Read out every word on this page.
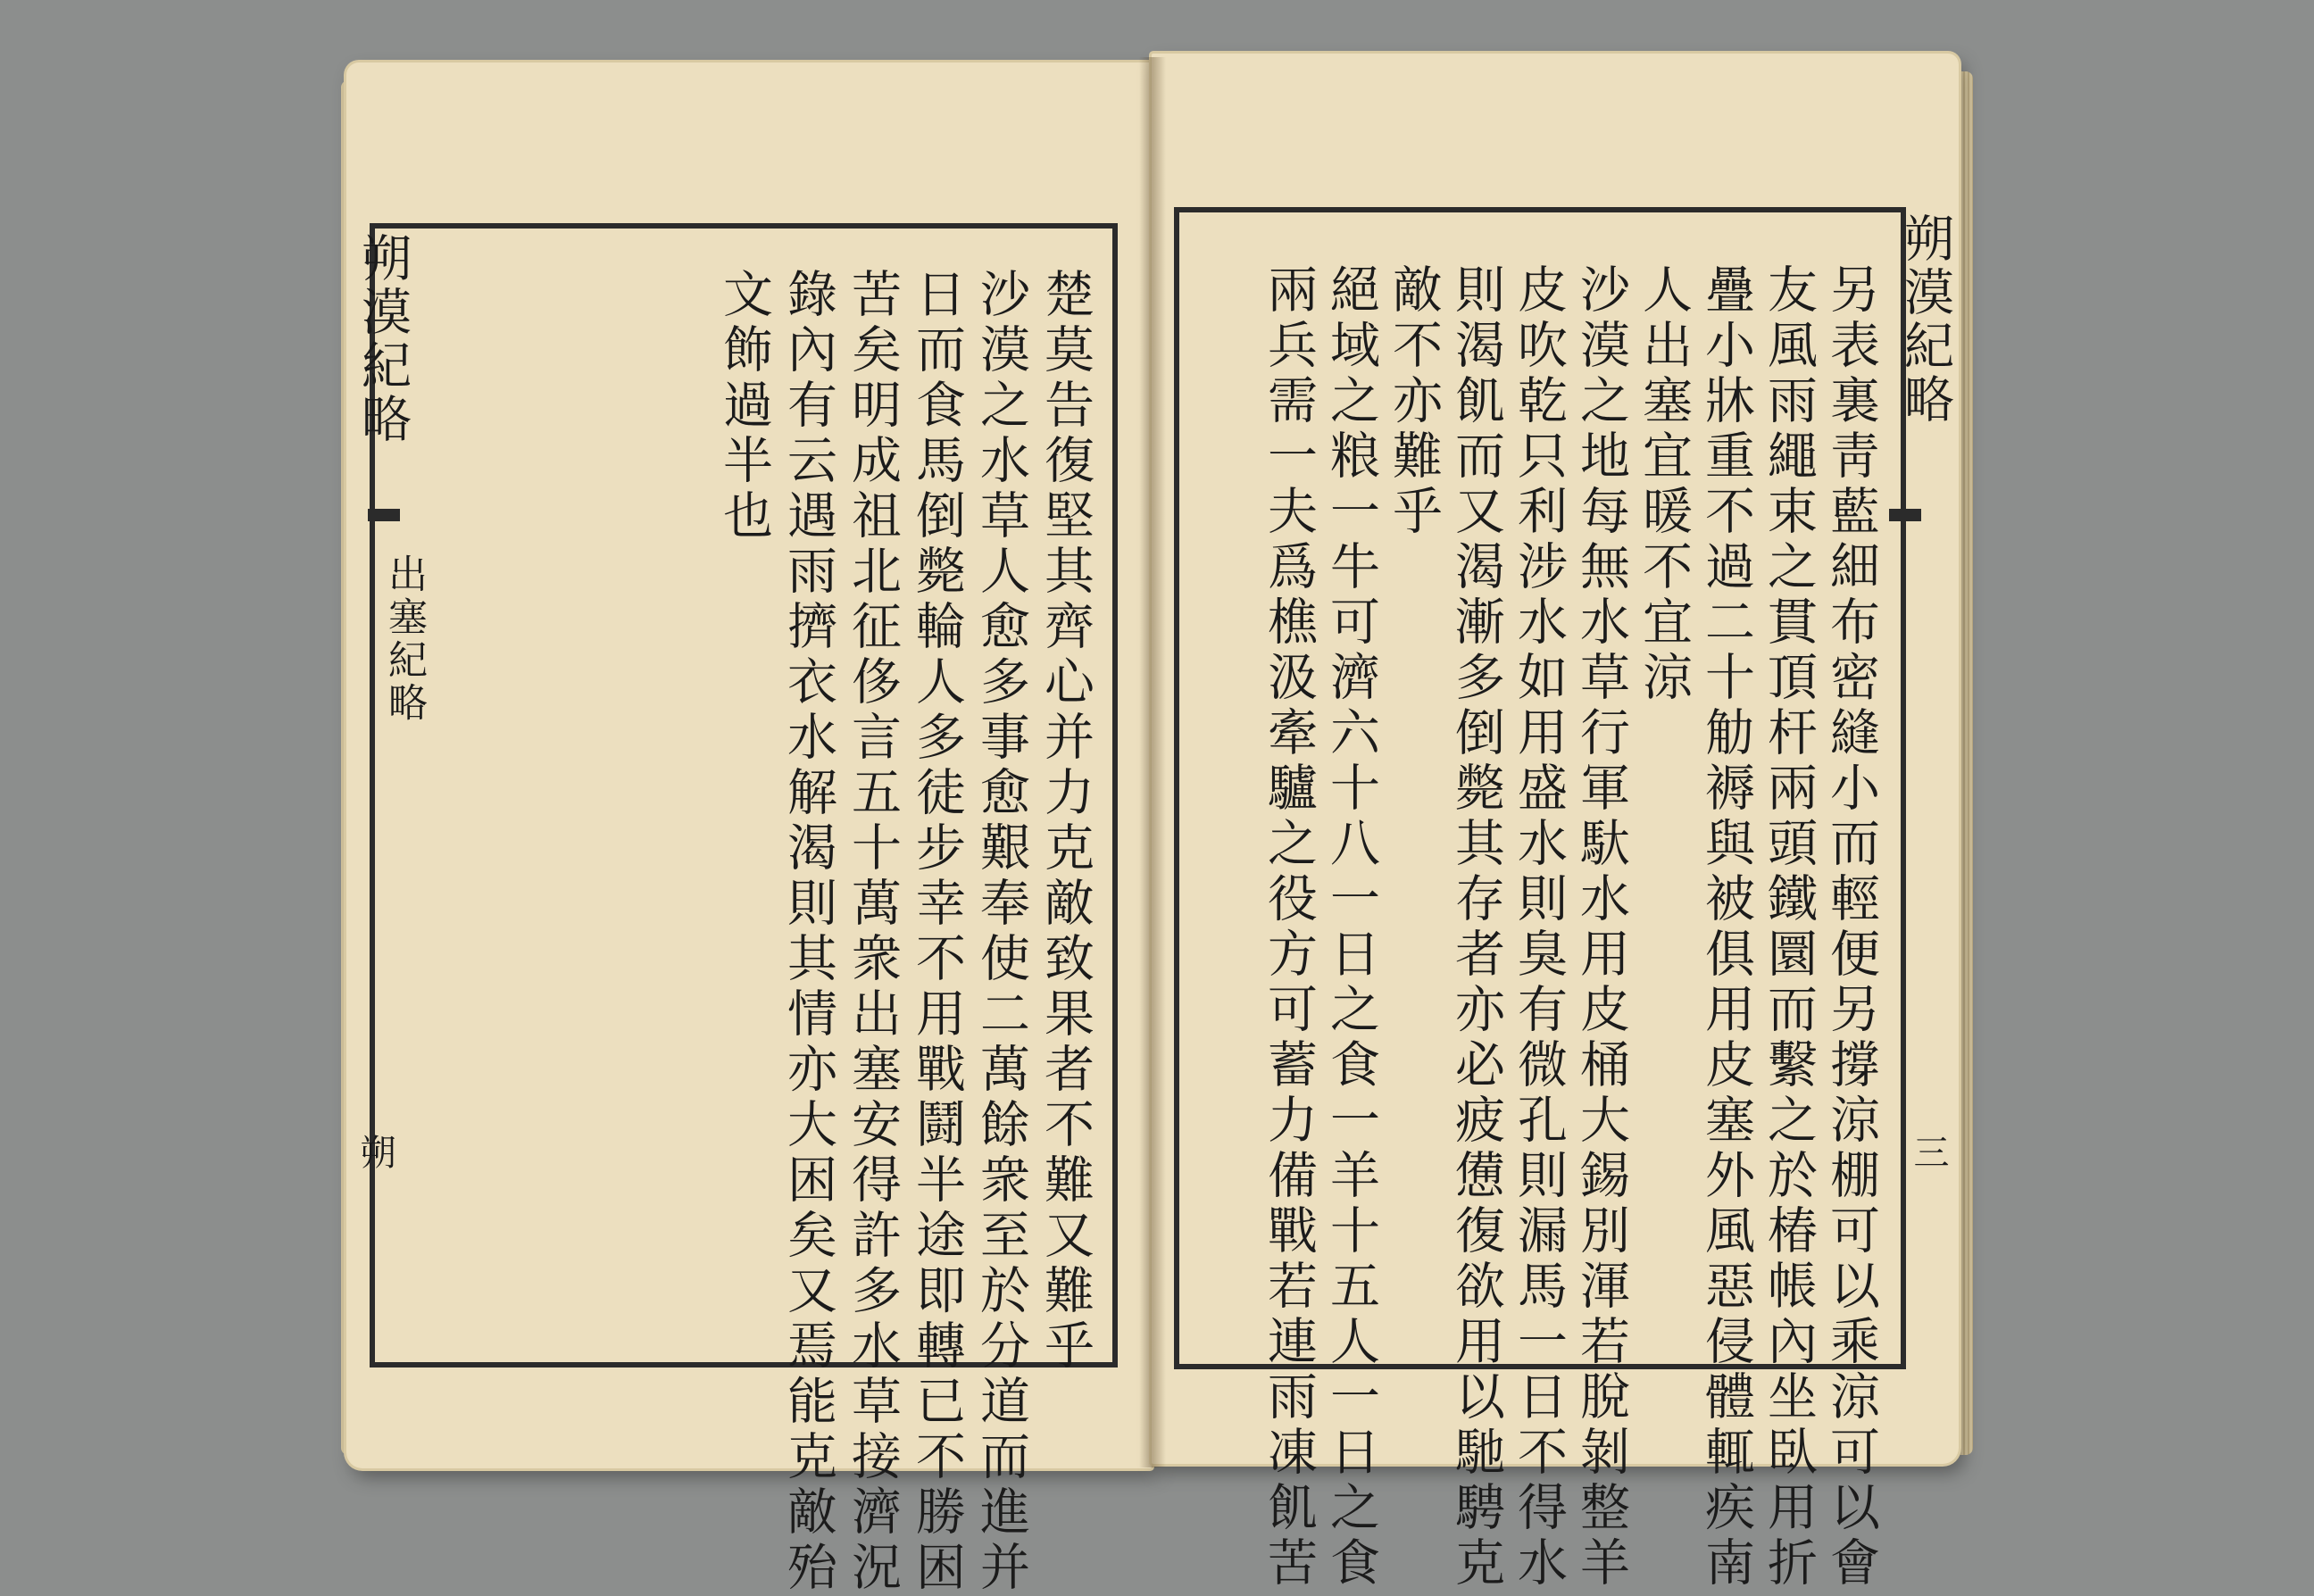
朔漠紀略
出塞紀略
朔	楚莫告復堅其齊心并力克敵致果者不難又難乎
沙漠之水草人愈多事愈艱奉使二萬餘衆至於分道而進并
日而食馬倒斃輪人多徒步幸不用戰鬪半途即轉已不勝困
苦矣明成祖北征侈言五十萬衆出塞安得許多水草接濟況
錄內有云遇雨擠衣水解渴則其情亦大困矣又焉能克敵殆
文飾過半也	朔漠紀略
三
另表裏靑藍細布密縫小而輕便另撐涼棚可以乘涼可以會
友風雨繩束之貫頂杆兩頭鐵圜而繫之於椿帳內坐臥用折
疊小牀重不過二十觔褥與被俱用皮塞外風惡侵體輒疾南
人出塞宜暖不宜涼
沙漠之地每無水草行軍馱水用皮桶大錫別渾若脫剝整羊
皮吹乾只利涉水如用盛水則臭有微孔則漏馬一日不得水
則渴飢而又渴漸多倒斃其存者亦必疲憊復欲用以馳騁克
敵不亦難乎
絕域之粮一牛可濟六十八一日之食一羊十五人一日之食
兩兵需一夫爲樵汲牽驢之役方可蓄力備戰若連雨凍飢苦
